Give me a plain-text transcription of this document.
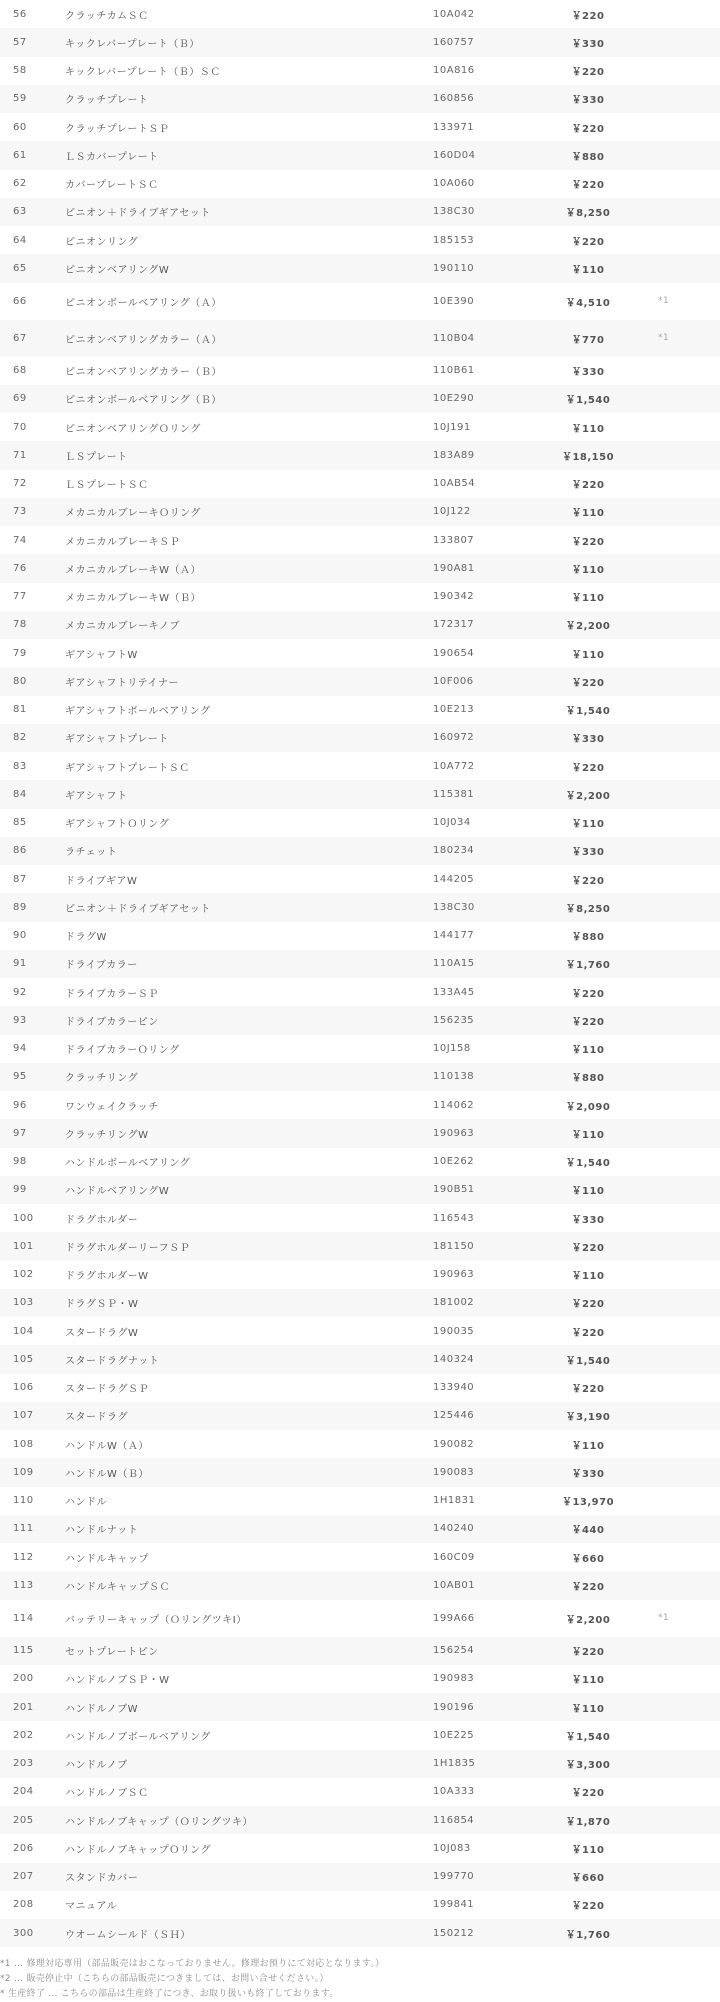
56	クラッチカムＳＣ	10A042	￥220	
57	キックレバープレート（Ｂ）	160757	￥330	
58	キックレバープレート（Ｂ）ＳＣ	10A816	￥220	
59	クラッチプレート	160856	￥330	
60	クラッチプレートＳＰ	133971	￥220	
61	ＬＳカバープレート	160D04	￥880	
62	カバープレートＳＣ	10A060	￥220	
63	ピニオン＋ドライブギアセット	138C30	￥8,250	
64	ピニオンリング	185153	￥220	
65	ピニオンベアリングW	190110	￥110	
66	ピニオンボールベアリング（Ａ）	10E390	￥4,510	*1
67	ピニオンベアリングカラー（Ａ）	110B04	￥770	*1
68	ピニオンベアリングカラー（Ｂ）	110B61	￥330	
69	ピニオンボールベアリング（Ｂ）	10E290	￥1,540	
70	ピニオンベアリングＯリング	10J191	￥110	
71	ＬＳプレート	183A89	￥18,150	
72	ＬＳプレートＳＣ	10AB54	￥220	
73	メカニカルブレーキＯリング	10J122	￥110	
74	メカニカルブレーキＳＰ	133807	￥220	
76	メカニカルブレーキW（Ａ）	190A81	￥110	
77	メカニカルブレーキW（Ｂ）	190342	￥110	
78	メカニカルブレーキノブ	172317	￥2,200	
79	ギアシャフトW	190654	￥110	
80	ギアシャフトリテイナー	10F006	￥220	
81	ギアシャフトボールベアリング	10E213	￥1,540	
82	ギアシャフトプレート	160972	￥330	
83	ギアシャフトプレートＳＣ	10A772	￥220	
84	ギアシャフト	115381	￥2,200	
85	ギアシャフトＯリング	10J034	￥110	
86	ラチェット	180234	￥330	
87	ドライブギアW	144205	￥220	
89	ピニオン＋ドライブギアセット	138C30	￥8,250	
90	ドラグW	144177	￥880	
91	ドライブカラー	110A15	￥1,760	
92	ドライブカラーＳＰ	133A45	￥220	
93	ドライブカラーピン	156235	￥220	
94	ドライブカラーＯリング	10J158	￥110	
95	クラッチリング	110138	￥880	
96	ワンウェイクラッチ	114062	￥2,090	
97	クラッチリングW	190963	￥110	
98	ハンドルボールベアリング	10E262	￥1,540	
99	ハンドルベアリングW	190B51	￥110	
100	ドラグホルダー	116543	￥330	
101	ドラグホルダーリーフＳＰ	181150	￥220	
102	ドラグホルダーW	190963	￥110	
103	ドラグＳＰ・W	181002	￥220	
104	スタードラグW	190035	￥220	
105	スタードラグナット	140324	￥1,540	
106	スタードラグＳＰ	133940	￥220	
107	スタードラグ	125446	￥3,190	
108	ハンドルW（Ａ）	190082	￥110	
109	ハンドルW（Ｂ）	190083	￥330	
110	ハンドル	1H1831	￥13,970	
111	ハンドルナット	140240	￥440	
112	ハンドルキャップ	160C09	￥660	
113	ハンドルキャップＳＣ	10AB01	￥220	
114	バッテリーキャップ（ＯリングツキI）	199A66	￥2,200	*1
115	セットプレートピン	156254	￥220	
200	ハンドルノブＳＰ・W	190983	￥110	
201	ハンドルノブW	190196	￥110	
202	ハンドルノブボールベアリング	10E225	￥1,540	
203	ハンドルノブ	1H1835	￥3,300	
204	ハンドルノブＳＣ	10A333	￥220	
205	ハンドルノブキャップ（Ｏリングツキ）	116854	￥1,870	
206	ハンドルノブキャップＯリング	10J083	￥110	
207	スタンドカバー	199770	￥660	
208	マニュアル	199841	￥220	
300	ウオームシールド（ＳＨ）	150212	￥1,760	
*1 … 修理対応専用（部品販売はおこなっておりません。修理お預りにて対応となります。）
*2 … 販売停止中（こちらの部品販売につきましては、お問い合せください。）
* 生産終了 … こちらの部品は生産終了につき、お取り扱いも終了しております。
